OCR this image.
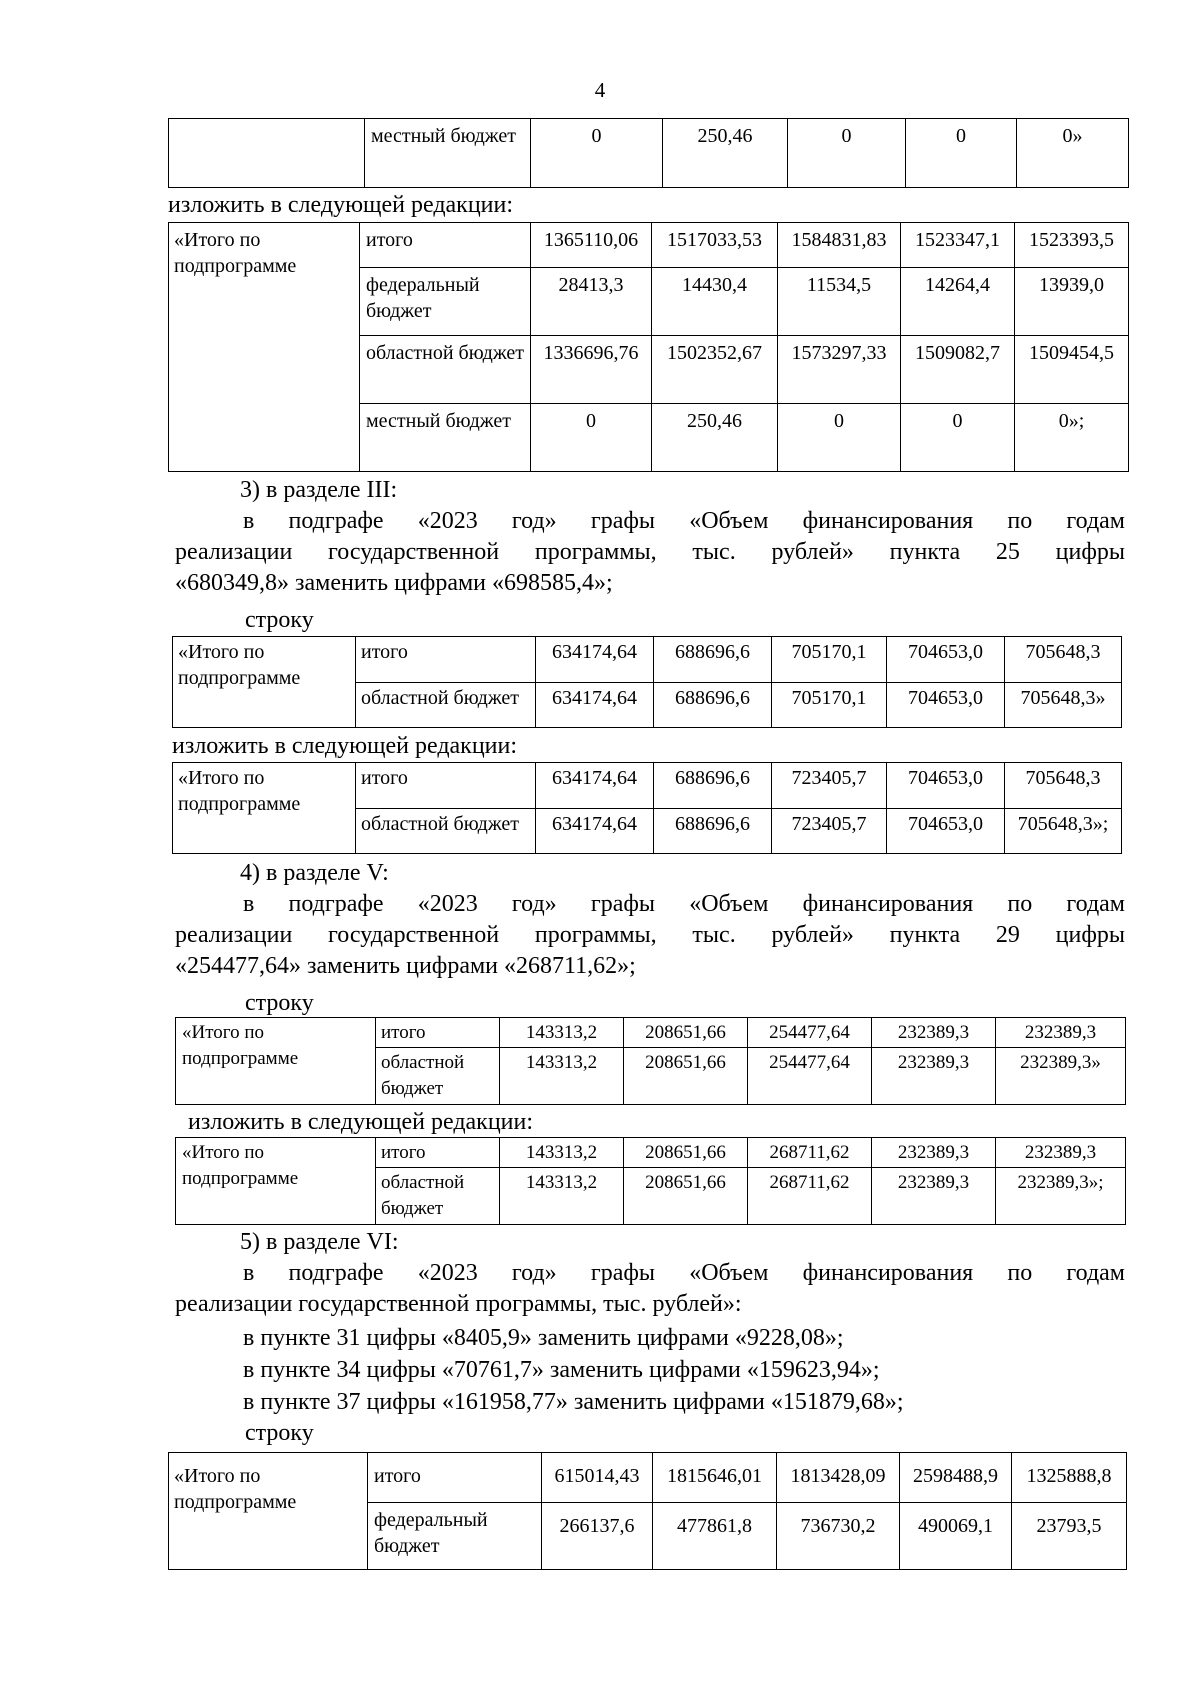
4
	местный бюджет	0	250,46	0	0	0»
изложить в следующей редакции:
«Итого по подпрограмме	итого	1365110,06	1517033,53	1584831,83	1523347,1	1523393,5
	федеральный бюджет	28413,3	14430,4	11534,5	14264,4	13939,0
	областной бюджет	1336696,76	1502352,67	1573297,33	1509082,7	1509454,5
	местный бюджет	0	250,46	0	0	0»;
3) в разделе III:
в подграфе «2023 год» графы «Объем финансирования по годам
реализации государственной программы, тыс. рублей» пункта 25 цифры
«680349,8» заменить цифрами «698585,4»;
строку
«Итого по подпрограмме	итого	634174,64	688696,6	705170,1	704653,0	705648,3
	областной бюджет	634174,64	688696,6	705170,1	704653,0	705648,3»
изложить в следующей редакции:
«Итого по подпрограмме	итого	634174,64	688696,6	723405,7	704653,0	705648,3
	областной бюджет	634174,64	688696,6	723405,7	704653,0	705648,3»;
4) в разделе V:
в подграфе «2023 год» графы «Объем финансирования по годам
реализации государственной программы, тыс. рублей» пункта 29 цифры
«254477,64» заменить цифрами «268711,62»;
строку
«Итого по подпрограмме	итого	143313,2	208651,66	254477,64	232389,3	232389,3
	областной бюджет	143313,2	208651,66	254477,64	232389,3	232389,3»
изложить в следующей редакции:
«Итого по подпрограмме	итого	143313,2	208651,66	268711,62	232389,3	232389,3
	областной бюджет	143313,2	208651,66	268711,62	232389,3	232389,3»;
5) в разделе VI:
в подграфе «2023 год» графы «Объем финансирования по годам
реализации государственной программы, тыс. рублей»:
в пункте 31 цифры «8405,9» заменить цифрами «9228,08»;
в пункте 34 цифры «70761,7» заменить цифрами «159623,94»;
в пункте 37 цифры «161958,77» заменить цифрами «151879,68»;
строку
«Итого по подпрограмме	итого	615014,43	1815646,01	1813428,09	2598488,9	1325888,8
	федеральный бюджет	266137,6	477861,8	736730,2	490069,1	23793,5
